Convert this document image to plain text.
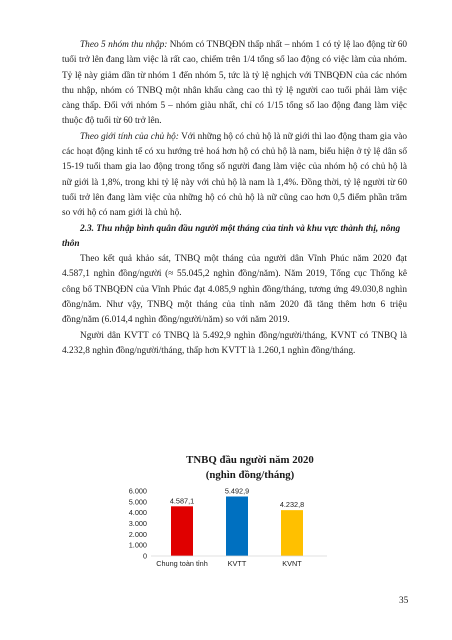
Theo 5 nhóm thu nhập: Nhóm có TNBQĐN thấp nhất – nhóm 1 có tỷ lệ lao động từ 60 tuổi trở lên đang làm việc là rất cao, chiếm trên 1/4 tổng số lao động có việc làm của nhóm. Tỷ lệ này giảm dần từ nhóm 1 đến nhóm 5, tức là tỷ lệ nghịch với TNBQĐN của các nhóm thu nhập, nhóm có TNBQ một nhân khẩu càng cao thì tỷ lệ người cao tuổi phải làm việc càng thấp. Đối với nhóm 5 – nhóm giàu nhất, chỉ có 1/15 tổng số lao động đang làm việc thuộc độ tuổi từ 60 trở lên.

Theo giới tính của chủ hộ: Với những hộ có chủ hộ là nữ giới thì lao động tham gia vào các hoạt động kinh tế có xu hướng trẻ hoá hơn hộ có chủ hộ là nam, biểu hiện ở tỷ lệ dân số 15-19 tuổi tham gia lao động trong tổng số người đang làm việc của nhóm hộ có chủ hộ là nữ giới là 1,8%, trong khi tỷ lệ này với chủ hộ là nam là 1,4%. Đồng thời, tỷ lệ người từ 60 tuổi trở lên đang làm việc của những hộ có chủ hộ là nữ cũng cao hơn 0,5 điểm phần trăm so với hộ có nam giới là chủ hộ.

2.3. Thu nhập bình quân đầu người một tháng của tỉnh và khu vực thành thị, nông thôn

Theo kết quả khảo sát, TNBQ một tháng của người dân Vĩnh Phúc năm 2020 đạt 4.587,1 nghìn đồng/người (≈ 55.045,2 nghìn đồng/năm). Năm 2019, Tổng cục Thống kê công bố TNBQĐN của Vĩnh Phúc đạt 4.085,9 nghìn đồng/tháng, tương ứng 49.030,8 nghìn đồng/năm. Như vậy, TNBQ một tháng của tỉnh năm 2020 đã tăng thêm hơn 6 triệu đồng/năm (6.014,4 nghìn đồng/người/năm) so với năm 2019.

Người dân KVTT có TNBQ là 5.492,9 nghìn đồng/người/tháng, KVNT có TNBQ là 4.232,8 nghìn đồng/người/tháng, thấp hơn KVTT là 1.260,1 nghìn đồng/tháng.

TNBQ đầu người năm 2020
(nghìn đồng/tháng)
0
1.000
2.000
3.000
4.000
5.000
6.000
4.587,1
Chung toàn tỉnh
5.492,9
KVTT
4.232,8
KVNT
35
